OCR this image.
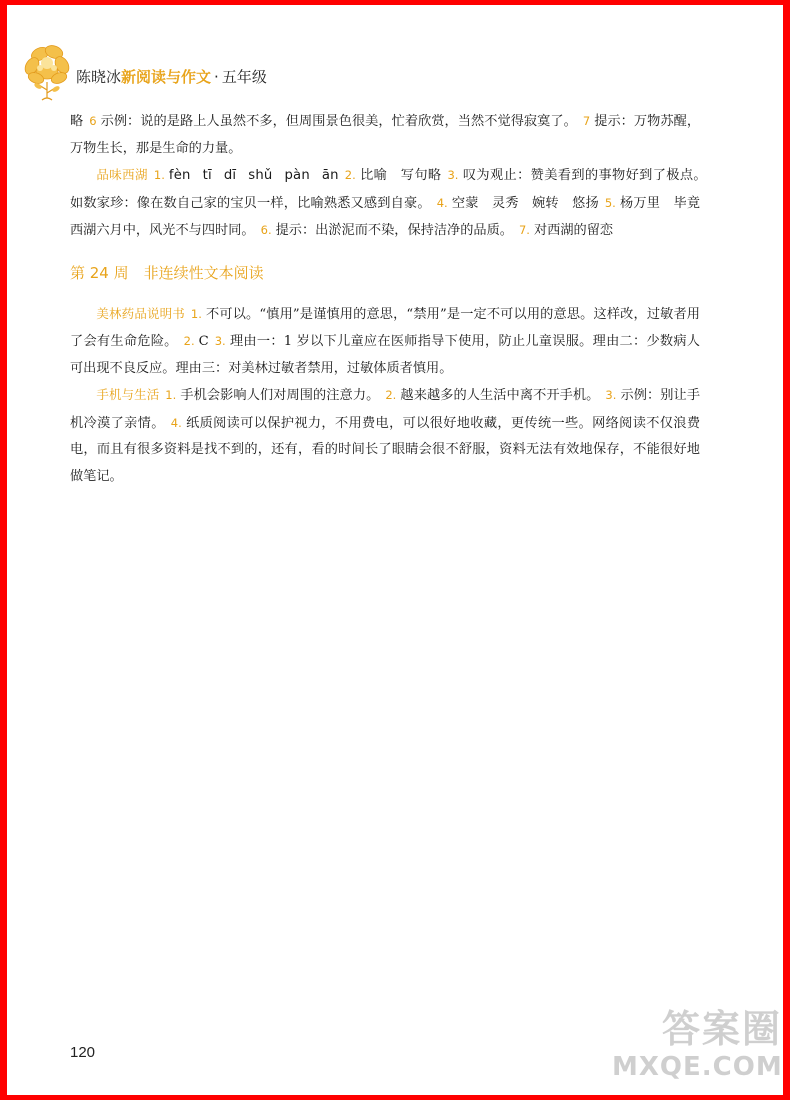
陈晓冰新阅读与作文 · 五年级

略 6 示例：说的是路上人虽然不多，但周围景色很美，忙着欣赏，当然不觉得寂寞了。 7 提示：万物苏醒，万物生长，那是生命的力量。

品味西湖 1. fèn tī dī shǔ pàn ān 2. 比喻　写句略 3. 叹为观止：赞美看到的事物好到了极点。　如数家珍：像在数自己家的宝贝一样，比喻熟悉又感到自豪。 4. 空蒙　灵秀　婉转　悠扬 5. 杨万里　毕竟西湖六月中，风光不与四时同。 6. 提示：出淤泥而不染，保持洁净的品质。 7. 对西湖的留恋

第 24 周　非连续性文本阅读

美林药品说明书 1. 不可以。“慎用”是谨慎用的意思，“禁用”是一定不可以用的意思。这样改，过敏者用了会有生命危险。 2. C 3. 理由一：1 岁以下儿童应在医师指导下使用，防止儿童误服。理由二：少数病人可出现不良反应。理由三：对美林过敏者禁用，过敏体质者慎用。

手机与生活 1. 手机会影响人们对周围的注意力。 2. 越来越多的人生活中离不开手机。 3. 示例：别让手机冷漠了亲情。 4. 纸质阅读可以保护视力，不用费电，可以很好地收藏，更传统一些。网络阅读不仅浪费电，而且有很多资料是找不到的，还有，看的时间长了眼睛会很不舒服，资料无法有效地保存，不能很好地做笔记。

120
答案圈
MXQE.COM
